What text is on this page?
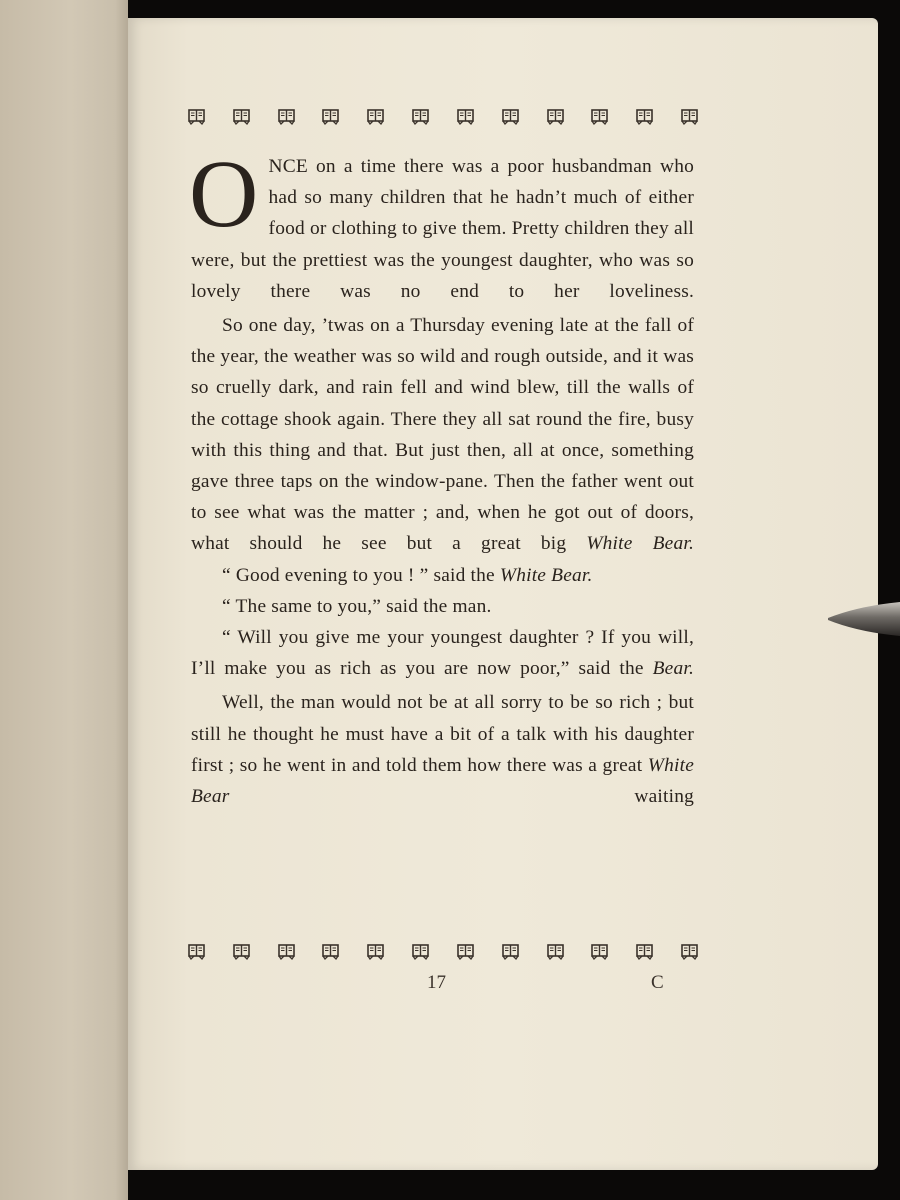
ONCE on a time there was a poor husbandman who had so many children that he hadn’t much of either food or clothing to give them. Pretty children they all were, but the prettiest was the youngest daughter, who was so lovely there was no end to her loveliness.

So one day, ’twas on a Thursday evening late at the fall of the year, the weather was so wild and rough outside, and it was so cruelly dark, and rain fell and wind blew, till the walls of the cottage shook again. There they all sat round the fire, busy with this thing and that. But just then, all at once, something gave three taps on the window-pane. Then the father went out to see what was the matter ; and, when he got out of doors, what should he see but a great big White Bear.

“ Good evening to you ! ” said the White Bear.

“ The same to you,” said the man.

“ Will you give me your youngest daughter ? If you will, I’ll make you as rich as you are now poor,” said the Bear.

Well, the man would not be at all sorry to be so rich ; but still he thought he must have a bit of a talk with his daughter first ; so he went in and told them how there was a great White Bear waiting

17	C
